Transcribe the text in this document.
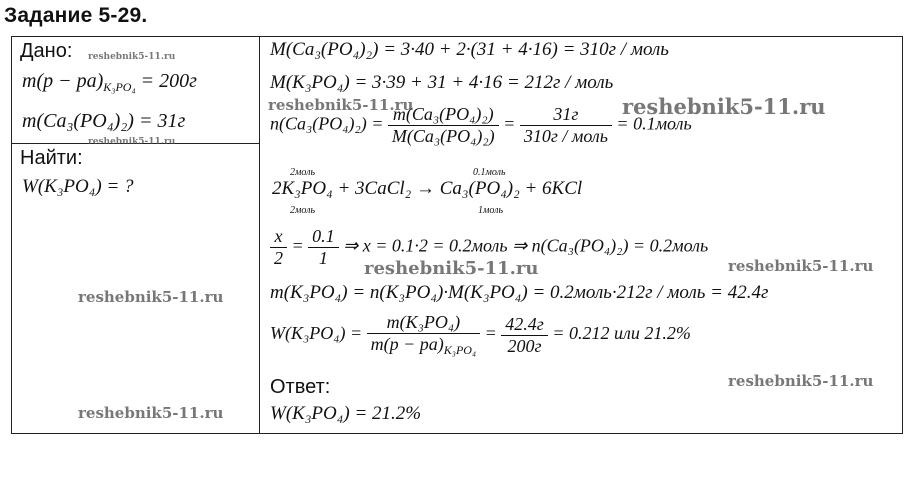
Задание 5-29.
Дано:
$m(p - pa)_{K_3PO_4} = 200г$
m(Ca₃(PO₄)₂) = 31г
Найти:
W(K₃PO₄) = ?
M(Ca₃(PO₄)₂) = 3·40 + 2·(31 + 4·16) = 310г / моль
M(K₃PO₄) = 3·39 + 31 + 4·16 = 212г / моль
$n(Ca_3(PO_4)_2) = \frac{\text{m(Ca₃(PO₄)₂)}}{\text{M(Ca₃(PO₄)₂)}} = \frac{31г}{\text{310г / моль}}$ = 0.1моль
2моль	0.1моль
2K₃PO₄ + 3CaCl₂ → Ca₃(PO₄)₂ + 6KCl
2моль	1моль
$\frac{x}{2} = \frac{0.1}{1}$ ⇒ x = 0.1·2 = 0.2моль ⇒ n(Ca₃(PO₄)₂) = 0.2моль
m(K₃PO₄) = n(K₃PO₄)·M(K₃PO₄) = 0.2моль·212г / моль = 42.4г
$W(K_3PO_4) = \frac{\text{m(K₃PO₄)}}{m(p - pa)_{K_3PO_4}} = \frac{42.4г}{200г} = 0.212$ или 21.2%
Ответ:
W(K₃PO₄) = 21.2%
reshebnik5-11.ru
reshebnik5-11.ru
reshebnik5-11.ru	reshebnik5-11.ru
reshebnik5-11.ru	reshebnik5-11.ru
reshebnik5-11.ru
reshebnik5-11.ru
reshebnik5-11.ru
